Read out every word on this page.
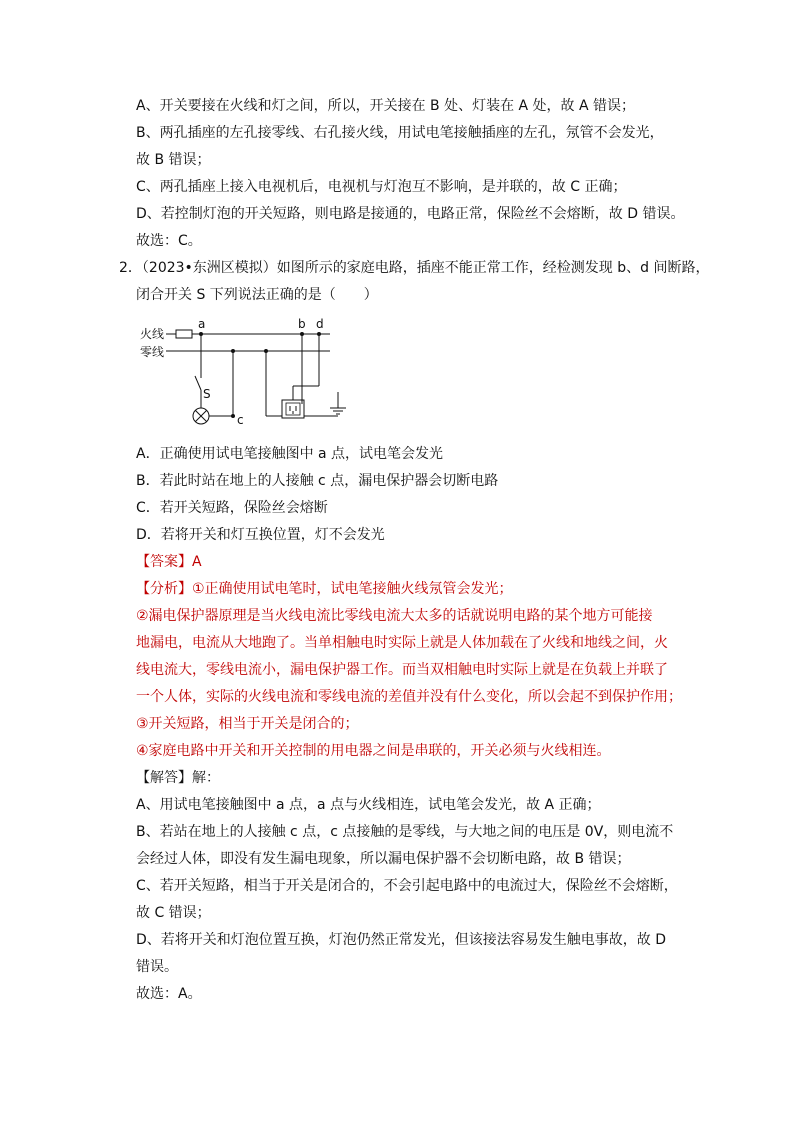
A、开关要接在火线和灯之间，所以，开关接在 B 处、灯装在 A 处，故 A 错误；
B、两孔插座的左孔接零线、右孔接火线，用试电笔接触插座的左孔，氖管不会发光，
故 B 错误；
C、两孔插座上接入电视机后，电视机与灯泡互不影响，是并联的，故 C 正确；
D、若控制灯泡的开关短路，则电路是接通的，电路正常，保险丝不会熔断，故 D 错误。
故选：C。
2．（2023•东洲区模拟）如图所示的家庭电路，插座不能正常工作，经检测发现 b、d 间断路，
闭合开关 S 下列说法正确的是（　　）
火线
零线
a
S
c
d
b
A．正确使用试电笔接触图中 a 点，试电笔会发光
B．若此时站在地上的人接触 c 点，漏电保护器会切断电路
C．若开关短路，保险丝会熔断
D．若将开关和灯互换位置，灯不会发光
【答案】A
【分析】①正确使用试电笔时，试电笔接触火线氖管会发光；
②漏电保护器原理是当火线电流比零线电流大太多的话就说明电路的某个地方可能接
地漏电，电流从大地跑了。当单相触电时实际上就是人体加载在了火线和地线之间，火
线电流大，零线电流小，漏电保护器工作。而当双相触电时实际上就是在负载上并联了
一个人体，实际的火线电流和零线电流的差值并没有什么变化，所以会起不到保护作用；
③开关短路，相当于开关是闭合的；
④家庭电路中开关和开关控制的用电器之间是串联的，开关必须与火线相连。
【解答】解：
A、用试电笔接触图中 a 点，a 点与火线相连，试电笔会发光，故 A 正确；
B、若站在地上的人接触 c 点，c 点接触的是零线，与大地之间的电压是 0V，则电流不
会经过人体，即没有发生漏电现象，所以漏电保护器不会切断电路，故 B 错误；
C、若开关短路，相当于开关是闭合的，不会引起电路中的电流过大，保险丝不会熔断，
故 C 错误；
D、若将开关和灯泡位置互换，灯泡仍然正常发光，但该接法容易发生触电事故，故 D
错误。
故选：A。
